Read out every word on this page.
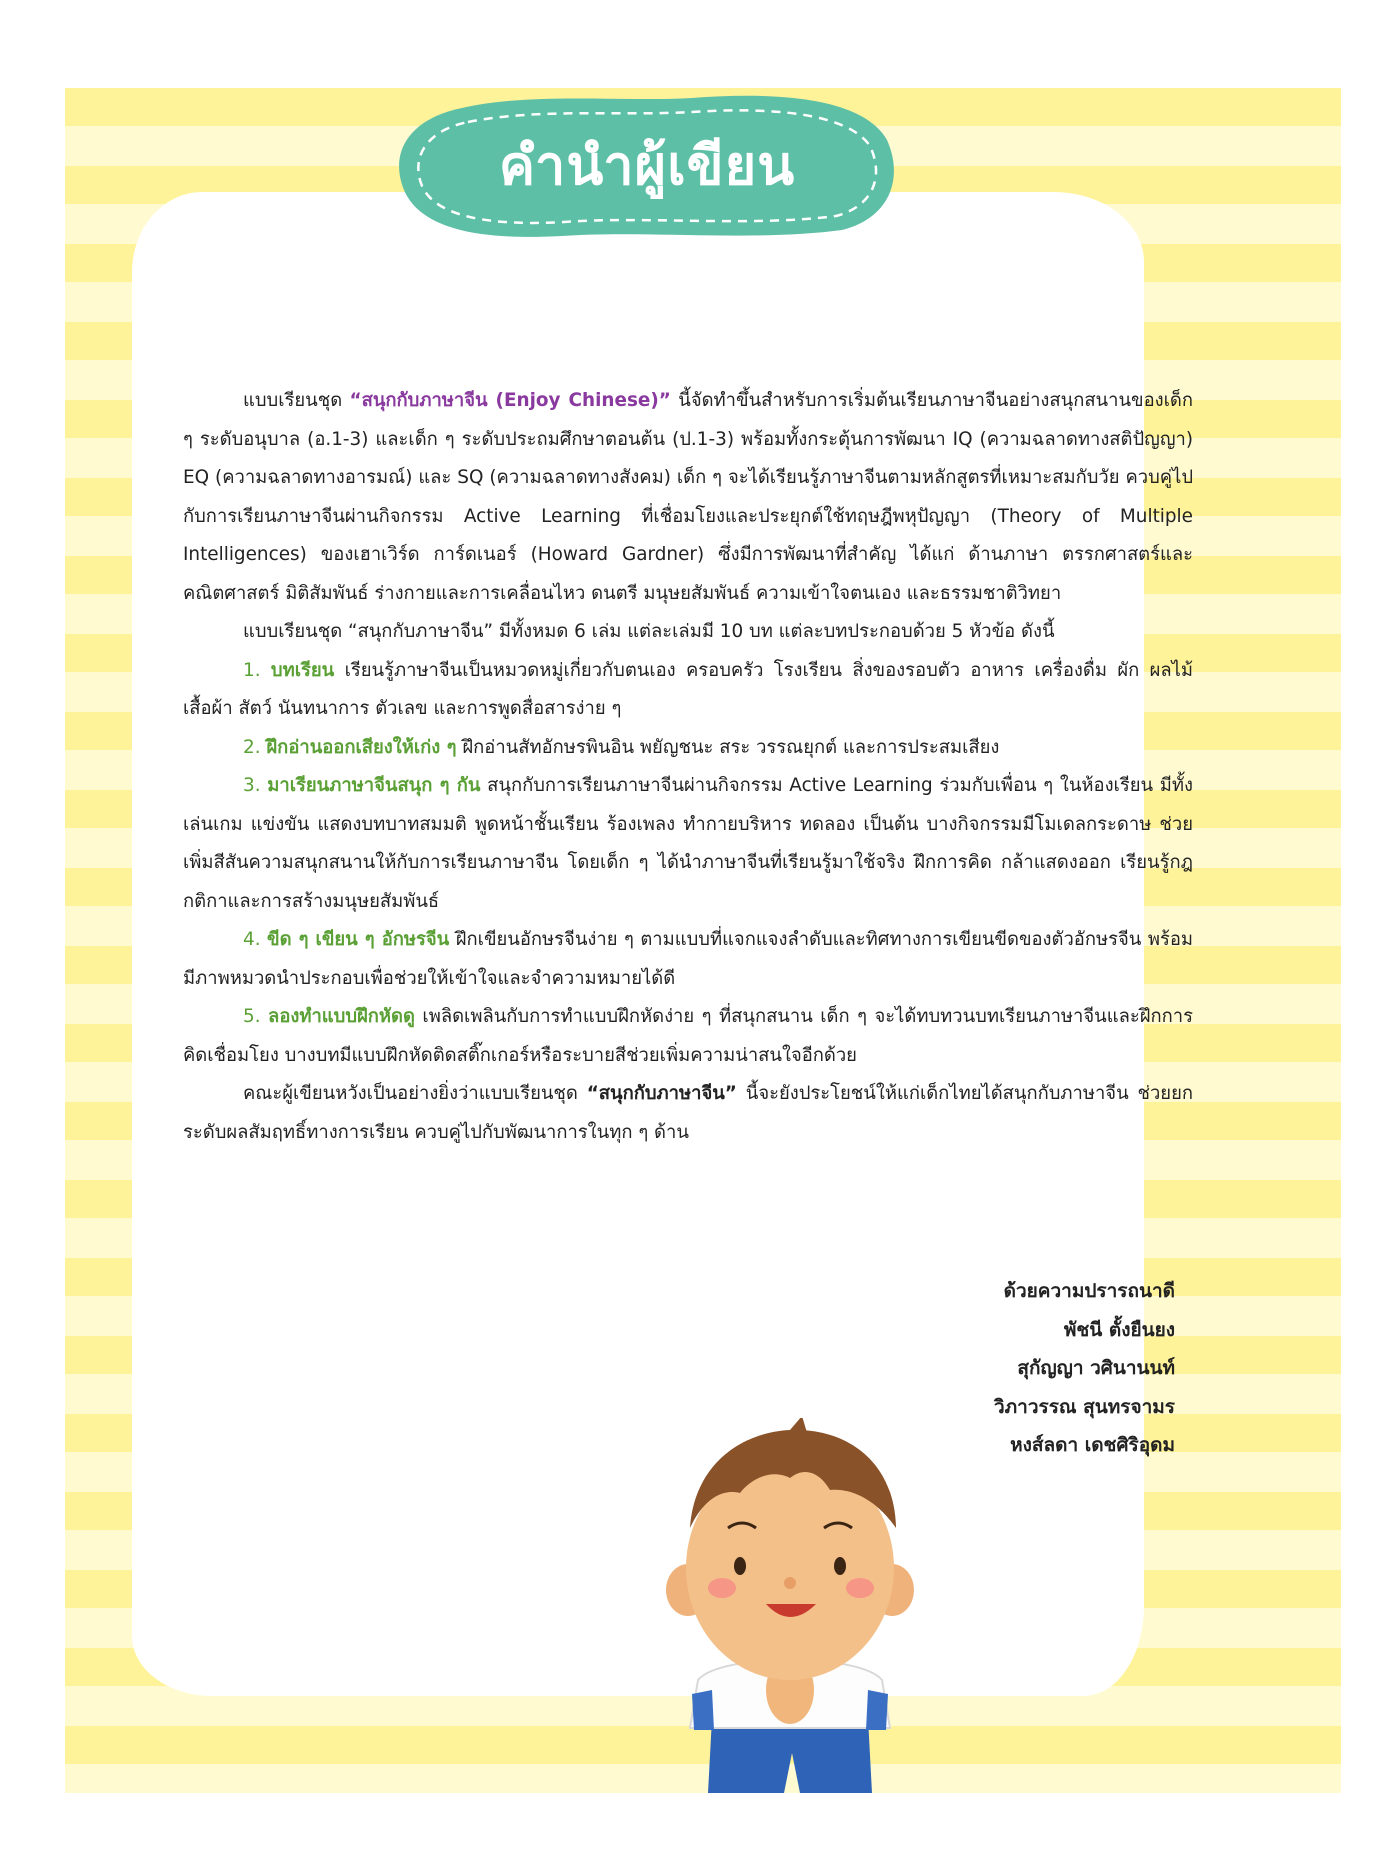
คำนำผู้เขียน

แบบเรียนชุด “สนุกกับภาษาจีน (Enjoy Chinese)” นี้จัดทำขึ้นสำหรับการเริ่มต้นเรียนภาษาจีนอย่างสนุกสนานของเด็ก ๆ ระดับอนุบาล (อ.1-3) และเด็ก ๆ ระดับประถมศึกษาตอนต้น (ป.1-3) พร้อมทั้งกระตุ้นการพัฒนา IQ (ความฉลาดทางสติปัญญา) EQ (ความฉลาดทางอารมณ์) และ SQ (ความฉลาดทางสังคม) เด็ก ๆ จะได้เรียนรู้ภาษาจีนตามหลักสูตรที่เหมาะสมกับวัย ควบคู่ไปกับการเรียนภาษาจีนผ่านกิจกรรม Active Learning ที่เชื่อมโยงและประยุกต์ใช้ทฤษฎีพหุปัญญา (Theory of Multiple Intelligences) ของเฮาเวิร์ด การ์ดเนอร์ (Howard Gardner) ซึ่งมีการพัฒนาที่สำคัญ ได้แก่ ด้านภาษา ตรรกศาสตร์และคณิตศาสตร์ มิติสัมพันธ์ ร่างกายและการเคลื่อนไหว ดนตรี มนุษยสัมพันธ์ ความเข้าใจตนเอง และธรรมชาติวิทยา

แบบเรียนชุด “สนุกกับภาษาจีน” มีทั้งหมด 6 เล่ม แต่ละเล่มมี 10 บท แต่ละบทประกอบด้วย 5 หัวข้อ ดังนี้

1. บทเรียน เรียนรู้ภาษาจีนเป็นหมวดหมู่เกี่ยวกับตนเอง ครอบครัว โรงเรียน สิ่งของรอบตัว อาหาร เครื่องดื่ม ผัก ผลไม้ เสื้อผ้า สัตว์ นันทนาการ ตัวเลข และการพูดสื่อสารง่าย ๆ

2. ฝึกอ่านออกเสียงให้เก่ง ๆ ฝึกอ่านสัทอักษรพินอิน พยัญชนะ สระ วรรณยุกต์ และการประสมเสียง

3. มาเรียนภาษาจีนสนุก ๆ กัน สนุกกับการเรียนภาษาจีนผ่านกิจกรรม Active Learning ร่วมกับเพื่อน ๆ ในห้องเรียน มีทั้งเล่นเกม แข่งขัน แสดงบทบาทสมมติ พูดหน้าชั้นเรียน ร้องเพลง ทำกายบริหาร ทดลอง เป็นต้น บางกิจกรรมมีโมเดลกระดาษ ช่วยเพิ่มสีสันความสนุกสนานให้กับการเรียนภาษาจีน โดยเด็ก ๆ ได้นำภาษาจีนที่เรียนรู้มาใช้จริง ฝึกการคิด กล้าแสดงออก เรียนรู้กฎกติกาและการสร้างมนุษยสัมพันธ์

4. ขีด ๆ เขียน ๆ อักษรจีน ฝึกเขียนอักษรจีนง่าย ๆ ตามแบบที่แจกแจงลำดับและทิศทางการเขียนขีดของตัวอักษรจีน พร้อมมีภาพหมวดนำประกอบเพื่อช่วยให้เข้าใจและจำความหมายได้ดี

5. ลองทำแบบฝึกหัดดู เพลิดเพลินกับการทำแบบฝึกหัดง่าย ๆ ที่สนุกสนาน เด็ก ๆ จะได้ทบทวนบทเรียนภาษาจีนและฝึกการคิดเชื่อมโยง บางบทมีแบบฝึกหัดติดสติ๊กเกอร์หรือระบายสีช่วยเพิ่มความน่าสนใจอีกด้วย

คณะผู้เขียนหวังเป็นอย่างยิ่งว่าแบบเรียนชุด “สนุกกับภาษาจีน” นี้จะยังประโยชน์ให้แก่เด็กไทยได้สนุกกับภาษาจีน ช่วยยกระดับผลสัมฤทธิ์ทางการเรียน ควบคู่ไปกับพัฒนาการในทุก ๆ ด้าน

ด้วยความปรารถนาดี
พัชนี ตั้งยืนยง
สุกัญญา วศินานนท์
วิภาวรรณ สุนทรจามร
หงส์ลดา เดชศิริอุดม
